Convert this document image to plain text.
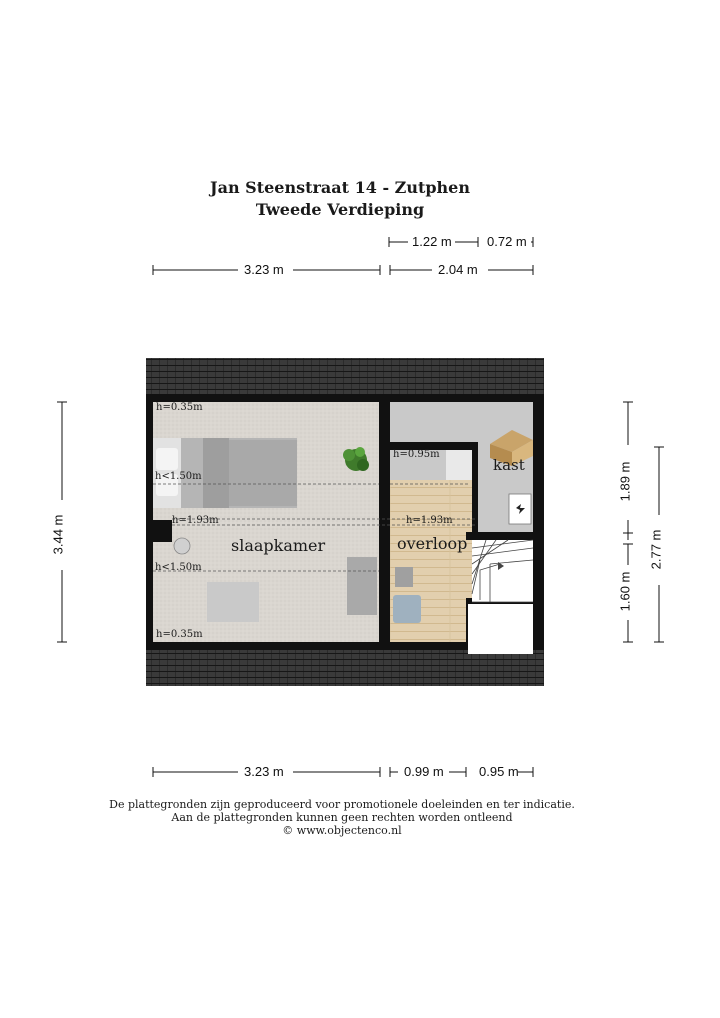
Jan Steenstraat 14 - Zutphen
Tweede Verdieping
1.22 m	0.72 m
3.23 m	2.04 m
3.44 m
1.89 m
1.60 m
2.77 m
3.23 m	0.99 m	0.95 m
slaapkamer	overloop
kast
h=0.35m
h<1.50m
h=1.93m
h<1.50m
h=0.35m
h=0.95m
h=1.93m
De plattegronden zijn geproduceerd voor promotionele doeleinden en ter indicatie.
Aan de plattegronden kunnen geen rechten worden ontleend
© www.objectenco.nl
